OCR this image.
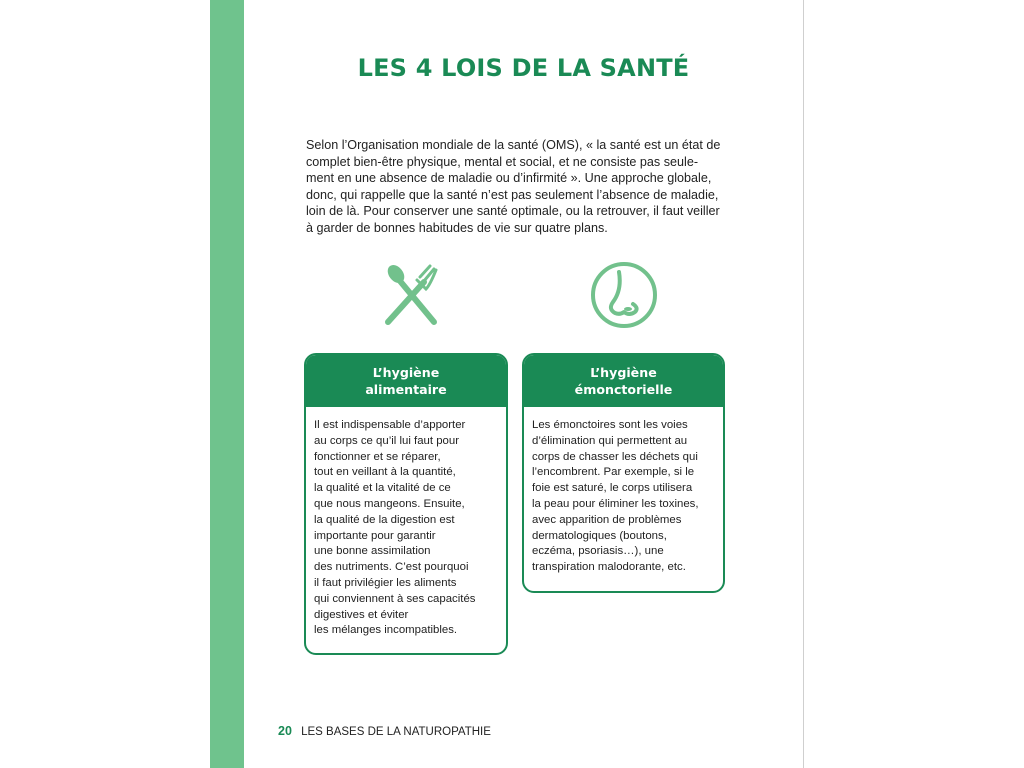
LES 4 LOIS DE LA SANTÉ

Selon l’Organisation mondiale de la santé (OMS), « la santé est un état de
complet bien-être physique, mental et social, et ne consiste pas seule-
ment en une absence de maladie ou d’infirmité ». Une approche globale,
donc, qui rappelle que la santé n’est pas seulement l’absence de maladie,
loin de là. Pour conserver une santé optimale, ou la retrouver, il faut veiller
à garder de bonnes habitudes de vie sur quatre plans.

L’hygiène
alimentaire
Il est indispensable d’apporter
au corps ce qu’il lui faut pour
fonctionner et se réparer,
tout en veillant à la quantité,
la qualité et la vitalité de ce
que nous mangeons. Ensuite,
la qualité de la digestion est
importante pour garantir
une bonne assimilation
des nutriments. C’est pourquoi
il faut privilégier les aliments
qui conviennent à ses capacités
digestives et éviter
les mélanges incompatibles.
L’hygiène
émonctorielle
Les émonctoires sont les voies
d’élimination qui permettent au
corps de chasser les déchets qui
l’encombrent. Par exemple, si le
foie est saturé, le corps utilisera
la peau pour éliminer les toxines,
avec apparition de problèmes
dermatologiques (boutons,
eczéma, psoriasis…), une
transpiration malodorante, etc.
20 LES BASES DE LA NATUROPATHIE
